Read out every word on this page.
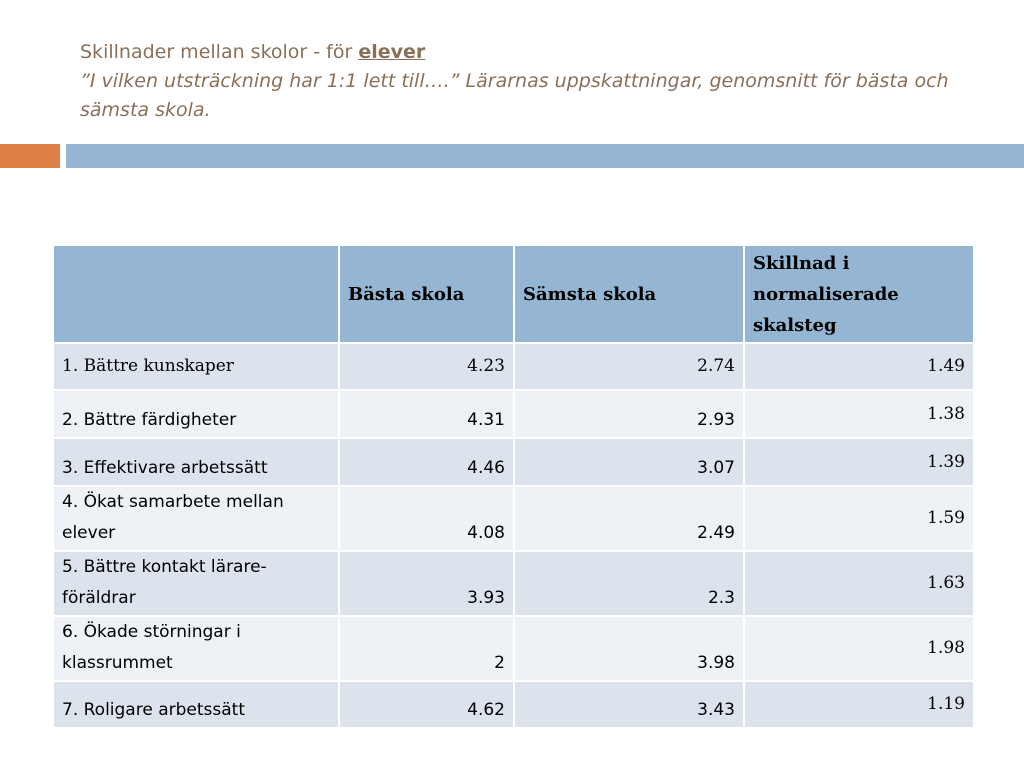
Skillnader mellan skolor - för elever
”I vilken utsträckning har 1:1 lett till….” Lärarnas uppskattningar, genomsnitt för bästa och sämsta skola.
	Bästa skola	Sämsta skola	Skillnad i normaliserade skalsteg
1. Bättre kunskaper	4.23	2.74	1.49
2. Bättre färdigheter	4.31	2.93	1.38
3. Effektivare arbetssätt	4.46	3.07	1.39
4. Ökat samarbete mellan elever	4.08	2.49	1.59
5. Bättre kontakt lärare-föräldrar	3.93	2.3	1.63
6. Ökade störningar i klassrummet	2	3.98	1.98
7. Roligare arbetssätt	4.62	3.43	1.19
